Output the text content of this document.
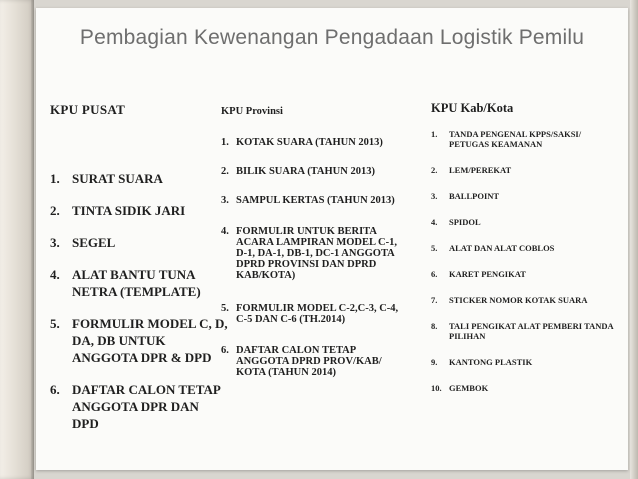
Pembagian Kewenangan Pengadaan Logistik Pemilu
KPU PUSAT
1. SURAT SUARA
2. TINTA SIDIK JARI
3. SEGEL
4. ALAT BANTU TUNA NETRA (TEMPLATE)
5. FORMULIR MODEL C, D, DA, DB UNTUK ANGGOTA DPR & DPD
6. DAFTAR CALON TETAP ANGGOTA DPR DAN DPD
KPU Provinsi
1. KOTAK SUARA (TAHUN 2013)
2. BILIK SUARA (TAHUN 2013)
3. SAMPUL KERTAS (TAHUN 2013)
4. FORMULIR UNTUK BERITA ACARA LAMPIRAN MODEL C-1, D-1, DA-1, DB-1, DC-1 ANGGOTA DPRD PROVINSI DAN DPRD KAB/KOTA)
5. FORMULIR MODEL C-2,C-3, C-4, C-5 DAN C-6 (TH.2014)
6. DAFTAR CALON TETAP ANGGOTA DPRD PROV/KAB/ KOTA (TAHUN 2014)
KPU Kab/Kota
1.	TANDA PENGENAL KPPS/SAKSI/ PETUGAS KEAMANAN
2.	LEM/PEREKAT
3.	BALLPOINT
4.	SPIDOL
5.	ALAT DAN ALAT COBLOS
6.	KARET PENGIKAT
7.	STICKER NOMOR KOTAK SUARA
8.	TALI PENGIKAT ALAT PEMBERI TANDA PILIHAN
9.	KANTONG PLASTIK
10. GEMBOK
